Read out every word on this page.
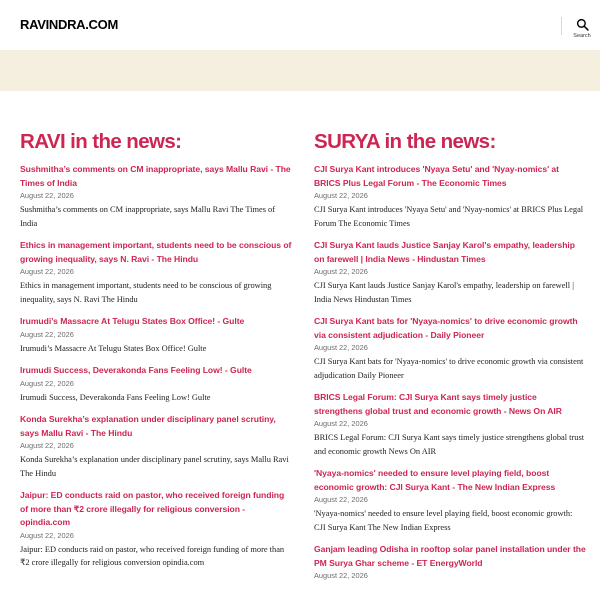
RAVINDRA.COM
Search
RAVI in the news:
Sushmitha’s comments on CM inappropriate, says Mallu Ravi - The Times of India
August 22, 2026
Sushmitha’s comments on CM inappropriate, says Mallu Ravi The Times of India
Ethics in management important, students need to be conscious of growing inequality, says N. Ravi - The Hindu
August 22, 2026
Ethics in management important, students need to be conscious of growing inequality, says N. Ravi The Hindu
Irumudi’s Massacre At Telugu States Box Office! - Gulte
August 22, 2026
Irumudi’s Massacre At Telugu States Box Office! Gulte
Irumudi Success, Deverakonda Fans Feeling Low! - Gulte
August 22, 2026
Irumudi Success, Deverakonda Fans Feeling Low! Gulte
Konda Surekha’s explanation under disciplinary panel scrutiny, says Mallu Ravi - The Hindu
August 22, 2026
Konda Surekha’s explanation under disciplinary panel scrutiny, says Mallu Ravi The Hindu
Jaipur: ED conducts raid on pastor, who received foreign funding of more than ₹2 crore illegally for religious conversion - opindia.com
August 22, 2026
Jaipur: ED conducts raid on pastor, who received foreign funding of more than ₹2 crore illegally for religious conversion opindia.com
SURYA in the news:
CJI Surya Kant introduces 'Nyaya Setu' and 'Nyay-nomics' at BRICS Plus Legal Forum - The Economic Times
August 22, 2026
CJI Surya Kant introduces 'Nyaya Setu' and 'Nyay-nomics' at BRICS Plus Legal Forum The Economic Times
CJI Surya Kant lauds Justice Sanjay Karol's empathy, leadership on farewell | India News - Hindustan Times
August 22, 2026
CJI Surya Kant lauds Justice Sanjay Karol's empathy, leadership on farewell | India News Hindustan Times
CJI Surya Kant bats for 'Nyaya-nomics' to drive economic growth via consistent adjudication - Daily Pioneer
August 22, 2026
CJI Surya Kant bats for 'Nyaya-nomics' to drive economic growth via consistent adjudication Daily Pioneer
BRICS Legal Forum: CJI Surya Kant says timely justice strengthens global trust and economic growth - News On AIR
August 22, 2026
BRICS Legal Forum: CJI Surya Kant says timely justice strengthens global trust and economic growth News On AIR
'Nyaya-nomics' needed to ensure level playing field, boost economic growth: CJI Surya Kant - The New Indian Express
August 22, 2026
'Nyaya-nomics' needed to ensure level playing field, boost economic growth: CJI Surya Kant The New Indian Express
Ganjam leading Odisha in rooftop solar panel installation under the PM Surya Ghar scheme - ET EnergyWorld
August 22, 2026
